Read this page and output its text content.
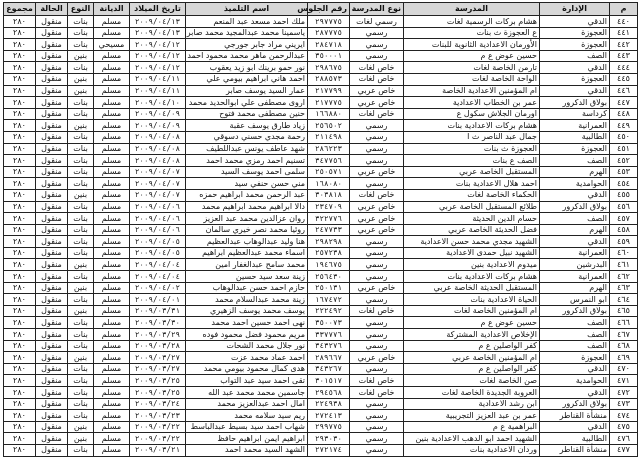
م	الإدارة	المدرسة	نوع المدرسة	رقم الجلوس	اسم التلميذ	تاريخ الميلاد	الديانة	النوع	الحالة	مجموع
٤٤٠	الدقي	هشام بركات الرسمية لغات	رسمي لغات	٢٩٧٧٧٥	ملك احمد مسعد عبد المنعم	٢٠٠٩/٠٤/١٣	مسلم	بنات	منقول	٢٨٠
٤٤١	العجوزة	ع العجوزة ث بنات	رسمي	٢٨٧٧٧٥	ياسمينا محمد عبدالمجيد محمد صابر	٢٠٠٩/٠٤/١٣	مسلم	بنات	منقول	٢٨٠
٤٤٢	العجوزة	الأورمان الاعدادية الثانوية للبنات	رسمي	٢٨٤٧١٨	ايريني مراد جابر جورجي	٢٠٠٩/٠٤/١٢	مسيحي	بنات	منقول	٢٨٠
٤٤٣	الصف	حسين عوض ع م	رسمي	٣٥٠٠٠١	عبدالرحمن ماهر محمد محمود احمد	٢٠٠٩/٠٤/١٢	مسلم	بنين	منقول	٢٨٠
٤٤٤	الدقي	تارمن الخاصة لغات	خاص لغات	٢٩٨٦٧٥	نور حمو برينك ابو زيد يعقوب	٢٠٠٩/٠٤/١٢	مسلم	بنات	منقول	٢٨٠
٤٤٥	العجوزة	الواحة الخاصة لغات	خاص لغات	٢٨٨٥٧٣	احمد هاني ابراهيم بيومي علي	٢٠٠٩/٠٤/١١	مسلم	بنين	منقول	٢٨٠
٤٤٦	الدقي	ام المؤمنين الاعدادية الخاصة	خاص عربي	٢١٧٧٩٩	عمار السيد يوسف صابر	٢٠٠٩/٠٤/١١	مسلم	بنين	منقول	٢٨٠
٤٤٧	بولاق الدكرور	عمر بن الخطاب الاعدادية	خاص عربي	٢١٧٧٧٥	اروى مصطفى علي ابوالحديد محمد	٢٠٠٩/٠٤/١٠	مسلم	بنات	منقول	٢٨٠
٤٤٨	كرداسة	اورمان الجلاش سكول ع	خاص لغات	١٦٦٨٨٠	حنين مصطفى محمد فتوح	٢٠٠٩/٠٤/٠٩	مسلم	بنات	منقول	٢٨٠
٤٤٩	العمرانية	هشام بركات الاعدادية بنات	رسمي	٢٥٦٥٠٢	زياد طارق يوسف عقبة	٢٠٠٩/٠٤/٠٩	مسلم	بنين	منقول	٢٨٠
٤٥٠	الطالبية	جمال عبد الناصر ث ا	رسمي	٢١١٤٩٨	رحمة مجدي حسني دسوقي	٢٠٠٩/٠٤/٠٨	مسلم	بنات	منقول	٢٨٠
٤٥١	العجوزة	العجوزة ث بنات	رسمي	٢٨٦٢٢٣	شهد عاطف يونس عبداللطيف	٢٠٠٩/٠٤/٠٨	مسلم	بنات	منقول	٢٨٠
٤٥٢	الصف	الصف ع بنات	رسمي	٣٤٧٧٥٦	تسنيم احمد رمزي محمد احمد	٢٠٠٩/٠٤/٠٨	مسلم	بنات	منقول	٢٨٠
٤٥٣	الهرم	المستقبل الخاصة عربي	خاص عربي	٢٥٠٥٧١	سلمى احمد يوسف السيد	٢٠٠٩/٠٤/٠٧	مسلم	بنات	منقول	٢٨٠
٤٥٤	الحوامدية	احمد هلال الاعدادية بنات	رسمي	١٦٨٠٨٠	مني حسن حنفي سيد	٢٠٠٩/٠٤/٠٧	مسلم	بنات	منقول	٢٨٠
٤٥٥	الدقي	الحكماء الخاصة لغات	خاص لغات	٣٠٣٨١٨	عبد الرحمن محمد ابراهيم حمزه	٢٠٠٩/٠٤/٠٧	مسلم	بنين	منقول	٢٨٠
٤٥٦	بولاق الدكرور	طلائع المستقبل الخاصة عربي	خاص عربي	٢٣٤٧٠٩	دالا ابراهيم محمد ابراهيم محمد	٢٠٠٩/٠٤/٠٦	مسلم	بنات	منقول	٢٨٠
٤٥٧	الصف	حسام الدين الحديثة	خاص عربي	٣٢٢٧٧٦	روان عزالدين محمد عبد العزيز	٢٠٠٩/٠٤/٠٦	مسلم	بنات	منقول	٢٨٠
٤٥٨	الهرم	فضل الحديثة الخاصة عربي	خاص عربي	٢٤٧٧٣٣	روئيا محمد نصر خيري سالمان	٢٠٠٩/٠٤/٠٦	مسلم	بنات	منقول	٢٨٠
٤٥٩	الدقي	الشهيد مجدي محمد حسن الاعدادية	رسمي	٢٩٨٢٩٨	هنا وليد عبدالوهاب عبدالعظيم	٢٠٠٩/٠٤/٠٥	مسلم	بنات	منقول	٢٨٠
٤٦٠	العمرانية	الشهيد نبيل حمدى الاعدادية	رسمي	٢٥٧٢٣٨	اسماء محمد عبدالعظيم ابراهيم	٢٠٠٩/٠٤/٠٥	مسلم	بنات	منقول	٢٨٠
٤٦١	البدرشين	ميدوم الاعدادية بنين	رسمي	١٩٤٦٧٥	محمد سامح عبدالغفار امين	٢٠٠٩/٠٤/٠٤	مسلم	بنين	منقول	٢٨٠
٤٦٢	العمرانية	هشام بركات الاعدادية بنات	رسمي	٢٥٦٤٣٠	زينة سعد سيد حسين	٢٠٠٩/٠٤/٠٤	مسلم	بنات	منقول	٢٨٠
٤٦٣	الهرم	المستقبل الحديثة الخاصة عربي	خاص عربي	٢٥٠١٣١	حازم احمد حسن عبدالوهاب	٢٠٠٩/٠٤/٠٢	مسلم	بنين	منقول	٢٨٠
٤٦٤	ابو النمرس	الحياة الاعدادية بنات	رسمي	١٦٧٤٧٢	زينة محمد عبدالسلام محمد	٢٠٠٩/٠٤/٠١	مسلم	بنات	منقول	٢٨٠
٤٦٥	بولاق الدكرور	ام المؤمنين الخاصة لغات	خاص لغات	٢٢٢٤٩٢	يوسف محمد يوسف الزهيري	٢٠٠٩/٠٣/٣١	مسلم	بنين	منقول	٢٨٠
٤٦٦	الصف	حسين عوض ع م	رسمي	٣٥٠٠٧٣	نهى احمد حسين احمد محمد	٢٠٠٩/٠٣/٣٠	مسلم	بنات	منقول	٢٨٠
٤٦٧	الصف	الإخلاص الاعدادية المشتركة	رسمي	٣٣٧٧٧٦	مريم محمود فضل محمود فوده	٢٠٠٩/٠٣/٢٩	مسلم	بنات	منقول	٢٨٠
٤٦٨	الصف	كفر الواصلين ع م	رسمي	٣٤٣٢٧٦	نور جلال محمد الشحات	٢٠٠٩/٠٣/٢٨	مسلم	بنات	منقول	٢٨٠
٤٦٩	العجوزة	ام المؤمنين الخاصة عربي	خاص عربي	٢٨٩٦٦٧	احمد عماد محمد عزت	٢٠٠٩/٠٣/٢٧	مسلم	بنين	منقول	٢٨٠
٤٧٠	الدقي	كفر الواصلين ع م	رسمي	٣٤٣٢٦٧	هدى كمال محمود بيومي محمد	٢٠٠٩/٠٣/٢٧	مسلم	بنات	منقول	٢٨٠
٤٧١	الحوامدية	صن الخاصة لغات	خاص لغات	٣٠١٥١٧	تقى احمد سيد عبد التواب	٢٠٠٩/٠٣/٢٥	مسلم	بنات	منقول	٢٨٠
٤٧٢	الدقي	العروبة الجديدة الخاصة لغات	خاص لغات	٢٩٤٥٦٨	جاسمين محمد محمد عبد الله	٢٠٠٩/٠٣/٢٥	مسلم	بنات	منقول	٢٨٠
٤٧٣	بولاق الدكرور	ابن رشد الاعدادية	رسمي	٢٢٤٩٣٨	امال احمد عبدالعزيز محمد	٢٠٠٩/٠٣/٢٤	مسلم	بنات	منقول	٢٨٠
٤٧٤	منشأة القناطر	عمر بن عبد العزيز التجريبية	رسمي	٢٧٢٤١٣	ريم سيد سلامه محمد	٢٠٠٩/٠٣/٢٣	مسلم	بنات	منقول	٢٨٠
٤٧٥	الدقي	البراهمية ع م	رسمي	٢٩٩٧٧٥	شهاب احمد سيد بسيط عبدالباسط	٢٠٠٩/٠٣/٢٢	مسلم	بنين	منقول	٢٨٠
٤٧٦	الطالبية	الشهيد احمد ابو الدهب الاعدادية بنين	رسمي	٢٩٣٠٣٠	ابراهيم ايمن ابراهيم حافظ	٢٠٠٩/٠٣/٢٢	مسلم	بنين	منقول	٢٨٠
٤٧٧	منشأة القناطر	وردان الاعدادية بنات	رسمي	٢٧٢١٧٤	الشهد السيد محمد احمد	٢٠٠٩/٠٣/٢١	مسلم	بنات	منقول	٢٨٠
